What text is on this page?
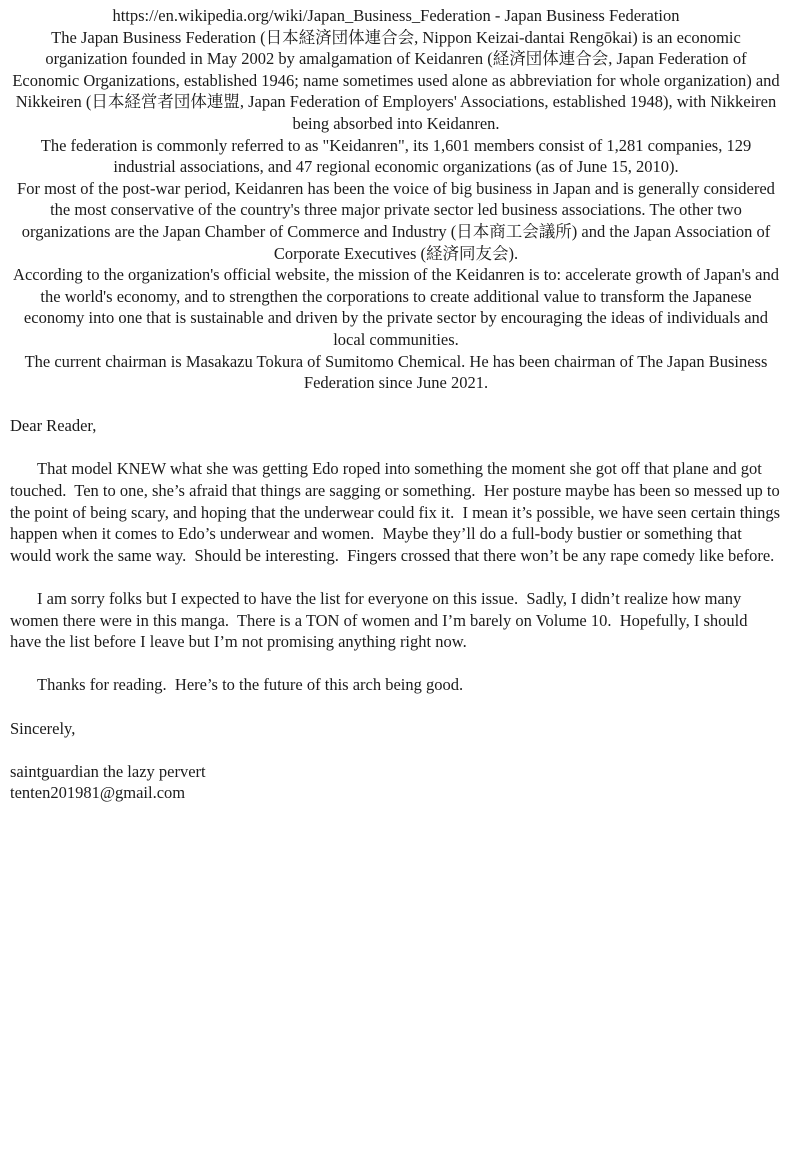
https://en.wikipedia.org/wiki/Japan_Business_Federation - Japan Business Federation

The Japan Business Federation (日本経済団体連合会, Nippon Keizai-dantai Rengōkai) is an economic organization founded in May 2002 by amalgamation of Keidanren (経済団体連合会, Japan Federation of Economic Organizations, established 1946; name sometimes used alone as abbreviation for whole organization) and Nikkeiren (日本経営者団体連盟, Japan Federation of Employers' Associations, established 1948), with Nikkeiren being absorbed into Keidanren.

The federation is commonly referred to as "Keidanren", its 1,601 members consist of 1,281 companies, 129 industrial associations, and 47 regional economic organizations (as of June 15, 2010).

For most of the post-war period, Keidanren has been the voice of big business in Japan and is generally considered the most conservative of the country's three major private sector led business associations. The other two organizations are the Japan Chamber of Commerce and Industry (日本商工会議所) and the Japan Association of Corporate Executives (経済同友会).

According to the organization's official website, the mission of the Keidanren is to: accelerate growth of Japan's and the world's economy, and to strengthen the corporations to create additional value to transform the Japanese economy into one that is sustainable and driven by the private sector by encouraging the ideas of individuals and local communities.

The current chairman is Masakazu Tokura of Sumitomo Chemical. He has been chairman of The Japan Business Federation since June 2021.

Dear Reader,

That model KNEW what she was getting Edo roped into something the moment she got off that plane and got touched.  Ten to one, she’s afraid that things are sagging or something.  Her posture maybe has been so messed up to the point of being scary, and hoping that the underwear could fix it.  I mean it’s possible, we have seen certain things happen when it comes to Edo’s underwear and women.  Maybe they’ll do a full-body bustier or something that would work the same way.  Should be interesting.  Fingers crossed that there won’t be any rape comedy like before.

I am sorry folks but I expected to have the list for everyone on this issue.  Sadly, I didn’t realize how many women there were in this manga.  There is a TON of women and I’m barely on Volume 10.  Hopefully, I should have the list before I leave but I’m not promising anything right now.

Thanks for reading.  Here’s to the future of this arch being good.

Sincerely,

saintguardian the lazy pervert

tenten201981@gmail.com
